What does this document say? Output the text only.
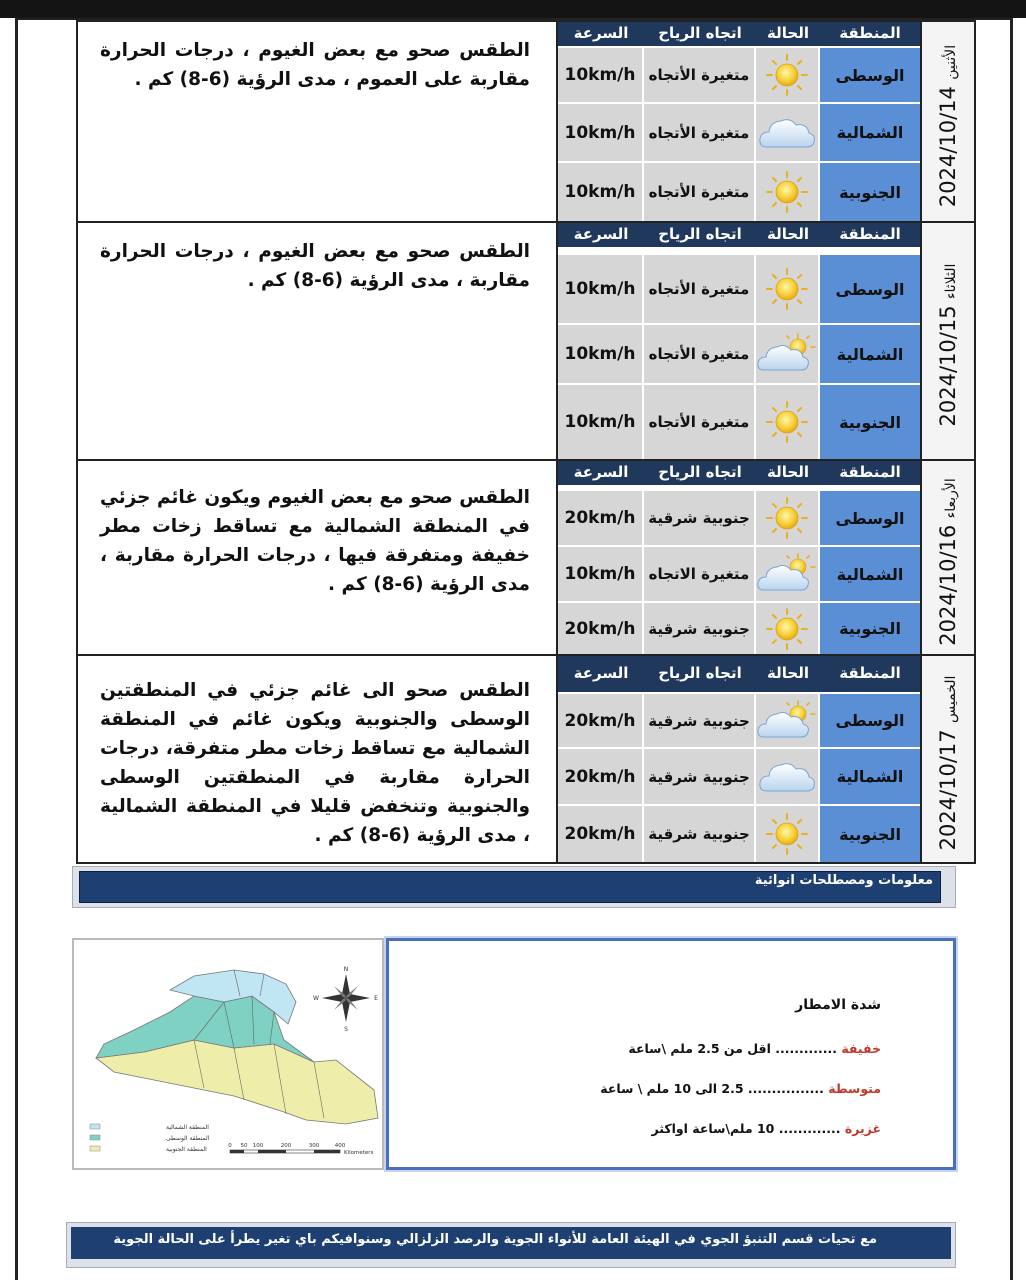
الطقس صحو مع بعض الغيوم ، درجات الحرارة مقاربة على العموم ، مدى الرؤية (6-8) كم .
السرعة	اتجاه الرياح	الحالة	المنطقة
10km/h متغيرة الأتجاه	الوسطى
10km/h متغيرة الأتجاه	الشمالية
10km/h متغيرة الأتجاه	الجنوبية
الأثنين 2024/10/14
الطقس صحو مع بعض الغيوم ، درجات الحرارة مقاربة ، مدى الرؤية (6-8) كم .
السرعة	اتجاه الرياح	الحالة	المنطقة
10km/h متغيرة الأتجاه	الوسطى
10km/h متغيرة الأتجاه	الشمالية
10km/h متغيرة الأتجاه	الجنوبية
الثلاثاء 2024/10/15
الطقس صحو مع بعض الغيوم ويكون غائم جزئي في المنطقة الشمالية مع تساقط زخات مطر خفيفة ومتفرقة فيها ، درجات الحرارة مقاربة ، مدى الرؤية (6-8) كم .
السرعة	اتجاه الرياح	الحالة	المنطقة
20km/h جنوبية شرقية	الوسطى
10km/h متغيرة الاتجاه	الشمالية
20km/h جنوبية شرقية	الجنوبية
الأربعاء 2024/10/16
الطقس صحو الى غائم جزئي في المنطقتين الوسطى والجنوبية ويكون غائم في المنطقة الشمالية مع تساقط زخات مطر متفرقة، درجات الحرارة مقاربة في المنطقتين الوسطى والجنوبية وتنخفض قليلا في المنطقة الشمالية ، مدى الرؤية (6-8) كم .
السرعة	اتجاه الرياح	الحالة	المنطقة
20km/h جنوبية شرقية	الوسطى
20km/h جنوبية شرقية	الشمالية
20km/h جنوبية شرقية	الجنوبية
الخميس 2024/10/17
معلومات ومصطلحات انوائية
N
S
W	E
المنطقة الشمالية
المنطقة الوسطى
المنطقة الجنوبية	0 50 100	200	300	400
Kilometers
شدة الامطار
خفيفة ............. اقل من 2.5 ملم \ساعة
متوسطة ................ 2.5 الى 10 ملم \ ساعة
غزيرة ............. 10 ملم\ساعة اواكثر
مع تحيات قسم التنبؤ الجوي في الهيئة العامة للأنواء الجوية والرصد الزلزالي وسنوافيكم باي تغير يطرأ على الحالة الجوية
